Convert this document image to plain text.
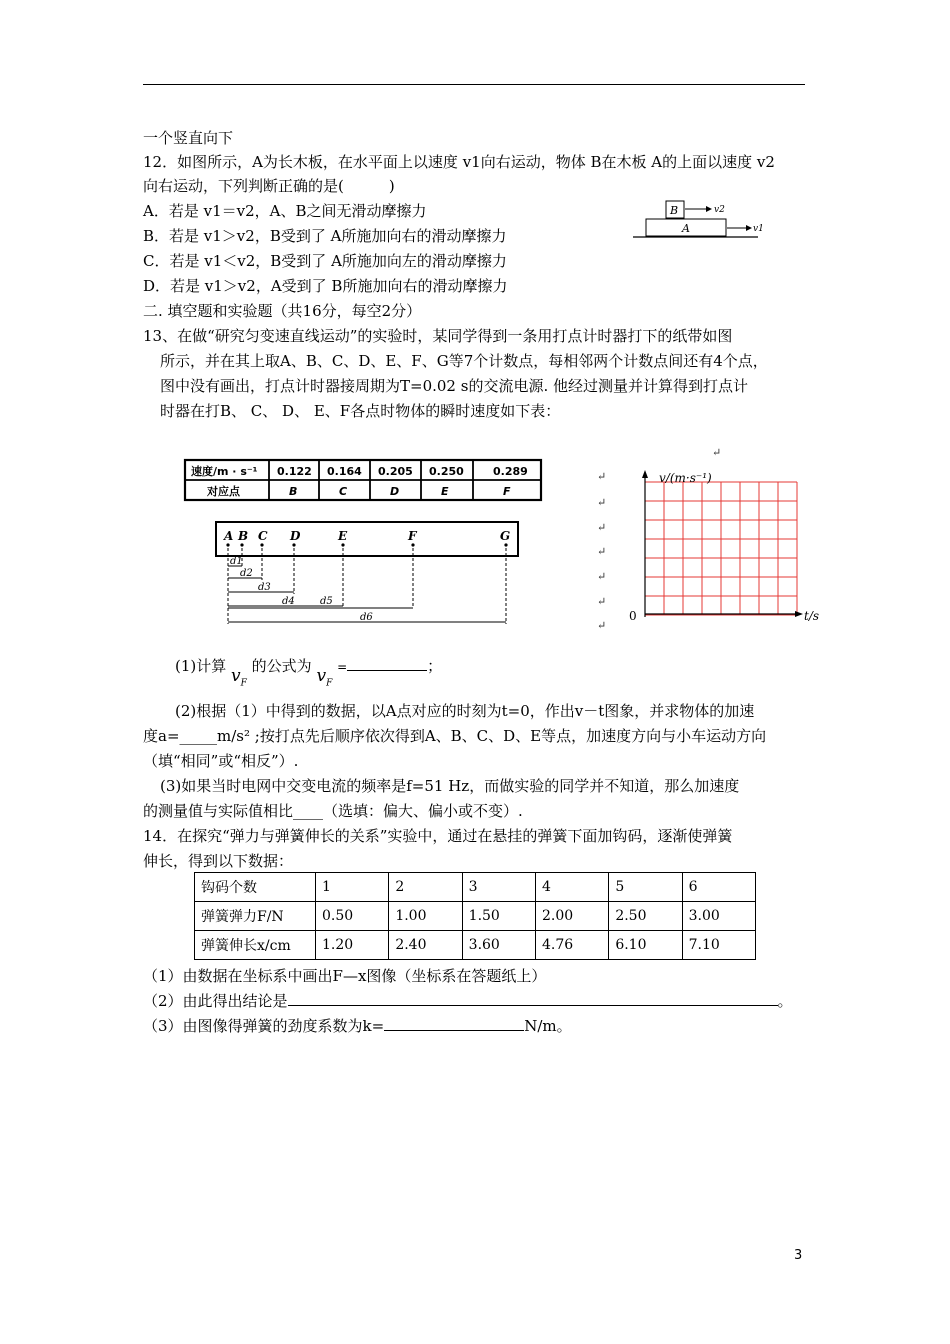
一个竖直向下
12．如图所示，A为长木板，在水平面上以速度 v1向右运动，物体 B在木板 A的上面以速度 v2
向右运动，下列判断正确的是(　　　)
A．若是 v1＝v2，A、B之间无滑动摩擦力
B．若是 v1＞v2，B受到了 A所施加向右的滑动摩擦力
C．若是 v1＜v2，B受到了 A所施加向左的滑动摩擦力
D．若是 v1＞v2，A受到了 B所施加向右的滑动摩擦力
A
B	v2
v1
二. 填空题和实验题（共16分，每空2分）
13、在做“研究匀变速直线运动”的实验时，某同学得到一条用打点计时器打下的纸带如图
所示，并在其上取A、B、C、D、E、F、G等7个计数点，每相邻两个计数点间还有4个点，
图中没有画出，打点计时器接周期为T=0.02 s的交流电源. 他经过测量并计算得到打点计
时器在打B、 C、 D、 E、F各点时物体的瞬时速度如下表：
速度/m · s⁻¹ 0.122 0.164 0.205 0.250	0.289
对应点	B	C	D	E	F
A B C D	E	F	G
d1
d2
d3
d4	d5
d6
↵
↵
↵
↵
↵
↵
↵
↵
v/(m·s⁻¹)
0	t/s
(1)计算 $v_F$ 的公式为 $v_F$ =	；
(2)根据（1）中得到的数据，以A点对应的时刻为t=0，作出v－t图象，并求物体的加速
度a=_____m/s² ;按打点先后顺序依次得到A、B、C、D、E等点，加速度方向与小车运动方向
（填“相同”或“相反”）.
(3)如果当时电网中交变电流的频率是f=51 Hz，而做实验的同学并不知道，那么加速度
的测量值与实际值相比____（选填：偏大、偏小或不变）.
14．在探究“弹力与弹簧伸长的关系”实验中，通过在悬挂的弹簧下面加钩码，逐渐使弹簧
伸长，得到以下数据：
钩码个数	1	2	3	4	5	6
弹簧弹力F/N	0.50	1.00	1.50	2.00	2.50	3.00
弹簧伸长x/cm	1.20	2.40	3.60	4.76	6.10	7.10
（1）由数据在坐标系中画出F—x图像（坐标系在答题纸上）
（2）由此得出结论是	。
（3）由图像得弹簧的劲度系数为k=	N/m。
3
